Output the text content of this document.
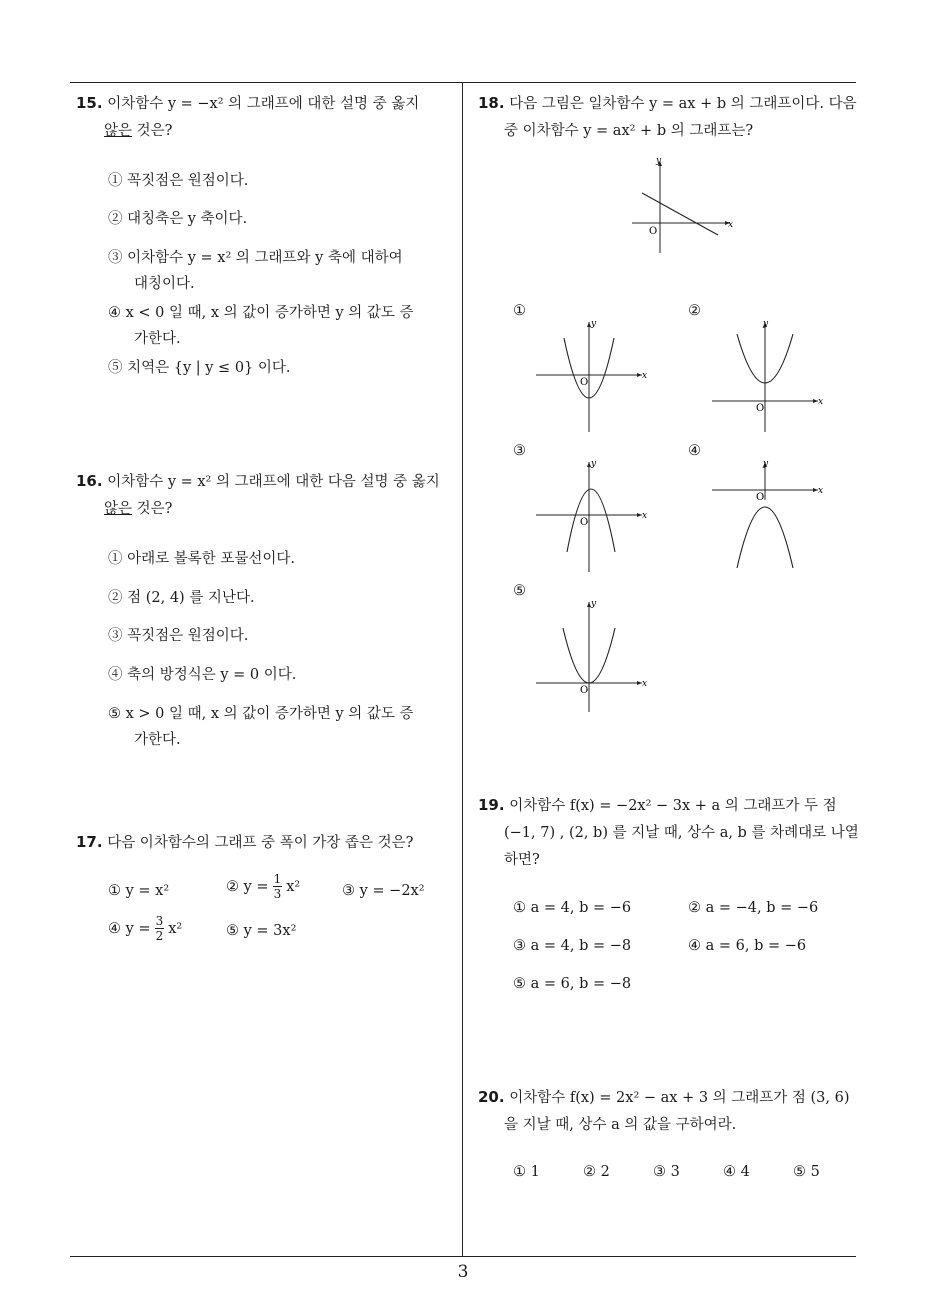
15. 이차함수 y = −x² 의 그래프에 대한 설명 중 옳지
않은 것은?
① 꼭짓점은 원점이다.
② 대칭축은 y 축이다.
③ 이차함수 y = x² 의 그래프와 y 축에 대하여
대칭이다.
④ x < 0 일 때, x 의 값이 증가하면 y 의 값도 증
가한다.
⑤ 치역은 {y | y ≤ 0} 이다.
16. 이차함수 y = x² 의 그래프에 대한 다음 설명 중 옳지
않은 것은?
① 아래로 볼록한 포물선이다.
② 점 (2, 4) 를 지난다.
③ 꼭짓점은 원점이다.
④ 축의 방정식은 y = 0 이다.
⑤ x > 0 일 때, x 의 값이 증가하면 y 의 값도 증
가한다.
17. 다음 이차함수의 그래프 중 폭이 가장 좁은 것은?
① y = x²	② $y = \frac{1}{3} x^2$	③ y = −2x²
④ $y = \frac{3}{2} x^2$	⑤ y = 3x²
18. 다음 그림은 일차함수 y = ax + b 의 그래프이다. 다음
중 이차함수 y = ax² + b 의 그래프는?
x
y
O
①	②
③	④
⑤
x
y
O
x
y
O
x
y
O
x
y
O
x
y
O
19. 이차함수 f(x) = −2x² − 3x + a 의 그래프가 두 점
(−1, 7) , (2, b) 를 지날 때, 상수 a, b 를 차례대로 나열
하면?
① a = 4, b = −6	② a = −4, b = −6
③ a = 4, b = −8	④ a = 6, b = −6
⑤ a = 6, b = −8
20. 이차함수 f(x) = 2x² − ax + 3 의 그래프가 점 (3, 6)
을 지날 때, 상수 a 의 값을 구하여라.
① 1	② 2	③ 3	④ 4	⑤ 5
3
